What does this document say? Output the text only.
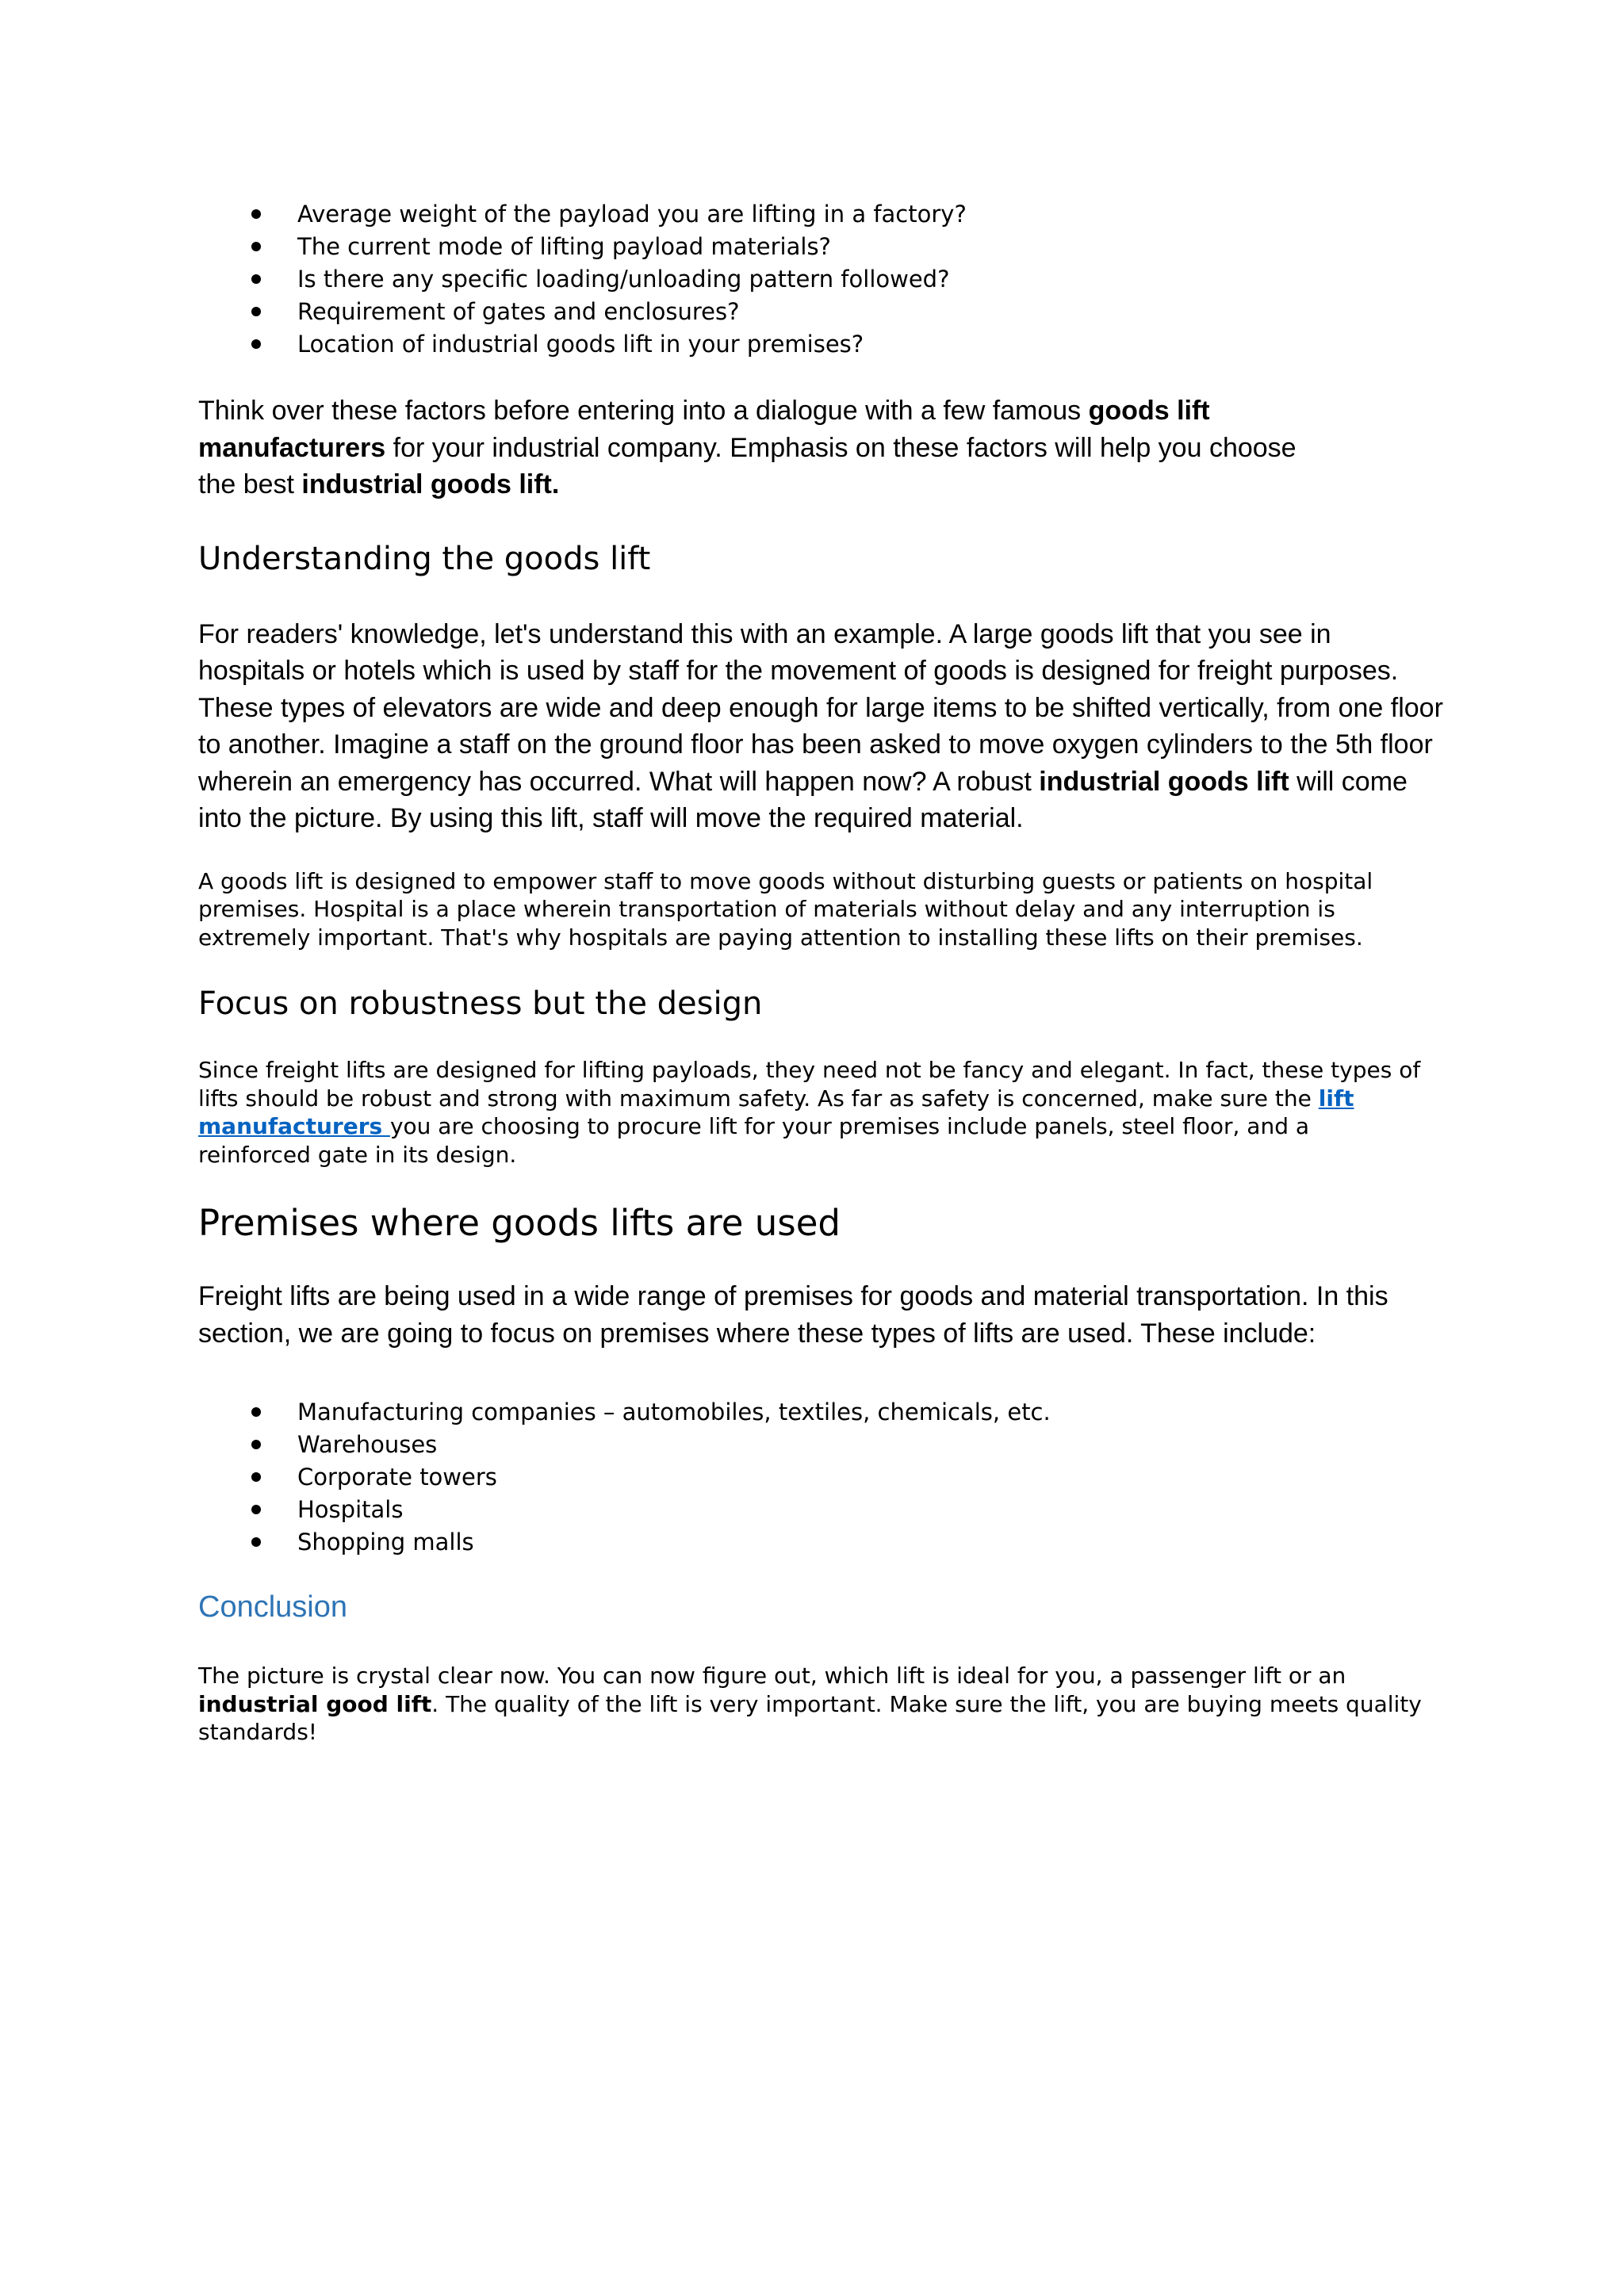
Average weight of the payload you are lifting in a factory?
The current mode of lifting payload materials?
Is there any specific loading/unloading pattern followed?
Requirement of gates and enclosures?
Location of industrial goods lift in your premises?

Think over these factors before entering into a dialogue with a few famous goods lift manufacturers for your industrial company. Emphasis on these factors will help you choose the best industrial goods lift.

Understanding the goods lift

For readers' knowledge, let's understand this with an example. A large goods lift that you see in hospitals or hotels which is used by staff for the movement of goods is designed for freight purposes. These types of elevators are wide and deep enough for large items to be shifted vertically, from one floor to another. Imagine a staff on the ground floor has been asked to move oxygen cylinders to the 5th floor wherein an emergency has occurred. What will happen now? A robust industrial goods lift will come into the picture. By using this lift, staff will move the required material.

A goods lift is designed to empower staff to move goods without disturbing guests or patients on hospital premises. Hospital is a place wherein transportation of materials without delay and any interruption is extremely important. That's why hospitals are paying attention to installing these lifts on their premises.

Focus on robustness but the design

Since freight lifts are designed for lifting payloads, they need not be fancy and elegant. In fact, these types of lifts should be robust and strong with maximum safety. As far as safety is concerned, make sure the lift manufacturers you are choosing to procure lift for your premises include panels, steel floor, and a reinforced gate in its design.

Premises where goods lifts are used

Freight lifts are being used in a wide range of premises for goods and material transportation. In this section, we are going to focus on premises where these types of lifts are used. These include:

Manufacturing companies – automobiles, textiles, chemicals, etc.
Warehouses
Corporate towers
Hospitals
Shopping malls
Conclusion

The picture is crystal clear now. You can now figure out, which lift is ideal for you, a passenger lift or an industrial good lift. The quality of the lift is very important. Make sure the lift, you are buying meets quality standards!
